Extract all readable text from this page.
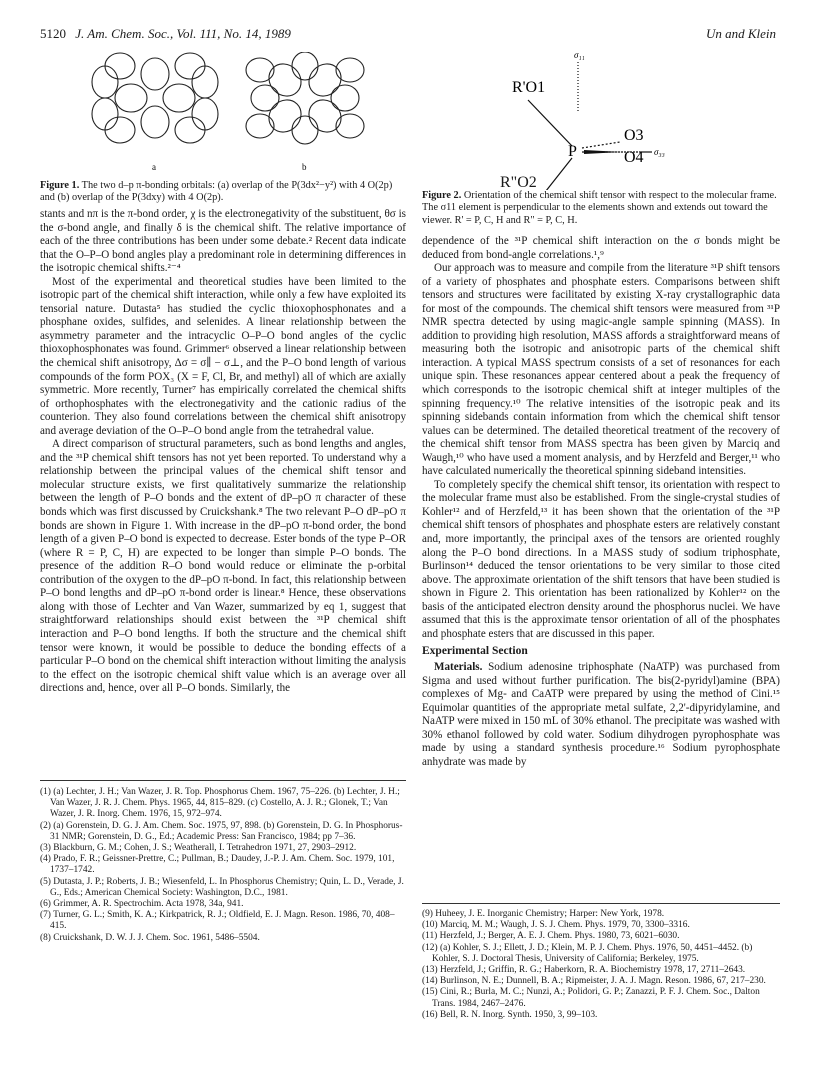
5120 J. Am. Chem. Soc., Vol. 111, No. 14, 1989	Un and Klein
a	b
Figure 1. The two d–p π-bonding orbitals: (a) overlap of the P(3dx²−y²) with 4 O(2p) and (b) overlap of the P(3dxy) with 4 O(2p).
σ₁₁
R'O1
P
O3
O4 σ₃₃
R"O2
Figure 2. Orientation of the chemical shift tensor with respect to the molecular frame. The σ11 element is perpendicular to the elements shown and extends out toward the viewer. R' = P, C, H and R" = P, C, H.

stants and nπ is the π-bond order, χ is the electronegativity of the substituent, θσ is the σ-bond angle, and finally δ is the chemical shift. The relative importance of each of the three contributions has been under some debate.² Recent data indicate that the O–P–O bond angles play a predominant role in determining differences in the isotropic chemical shifts.²⁻⁴

Most of the experimental and theoretical studies have been limited to the isotropic part of the chemical shift interaction, while only a few have exploited its tensorial nature. Dutasta⁵ has studied the cyclic thioxophosphonates and a phosphane oxides, sulfides, and selenides. A linear relationship between the asymmetry parameter and the intracyclic O–P–O bond angles of the cyclic thioxophosphonates was found. Grimmer⁶ observed a linear relationship between the chemical shift anisotropy, Δσ = σ∥ − σ⊥, and the P–O bond length of various compounds of the form POX₃ (X = F, Cl, Br, and methyl) all of which are axially symmetric. More recently, Turner⁷ has empirically correlated the chemical shifts of orthophosphates with the electronegativity and the cationic radius of the counterion. They also found correlations between the chemical shift anisotropy and average deviation of the O–P–O bond angle from the tetrahedral value.

A direct comparison of structural parameters, such as bond lengths and angles, and the ³¹P chemical shift tensors has not yet been reported. To understand why a relationship between the principal values of the chemical shift tensor and molecular structure exists, we first qualitatively summarize the relationship between the length of P–O bonds and the extent of dP–pO π character of these bonds which was first discussed by Cruickshank.⁸ The two relevant P–O dP–pO π bonds are shown in Figure 1. With increase in the dP–pO π-bond order, the bond length of a given P–O bond is expected to decrease. Ester bonds of the type P–OR (where R = P, C, H) are expected to be longer than simple P–O bonds. The presence of the addition R–O bond would reduce or eliminate the p-orbital contribution of the oxygen to the dP–pO π-bond. In fact, this relationship between P–O bond lengths and dP–pO π-bond order is linear.⁸ Hence, these observations along with those of Lechter and Van Wazer, summarized by eq 1, suggest that straightforward relationships should exist between the ³¹P chemical shift interaction and P–O bond lengths. If both the structure and the chemical shift tensor were known, it would be possible to deduce the bonding effects of a particular P–O bond on the chemical shift interaction without limiting the analysis to the effect on the isotropic chemical shift value which is an average over all directions and, hence, over all P–O bonds. Similarly, the

(1) (a) Lechter, J. H.; Van Wazer, J. R. Top. Phosphorus Chem. 1967, 75–226. (b) Lechter, J. H.; Van Wazer, J. R. J. Chem. Phys. 1965, 44, 815–829. (c) Costello, A. J. R.; Glonek, T.; Van Wazer, J. R. Inorg. Chem. 1976, 15, 972–974.
(2) (a) Gorenstein, D. G. J. Am. Chem. Soc. 1975, 97, 898. (b) Gorenstein, D. G. In Phosphorus-31 NMR; Gorenstein, D. G., Ed.; Academic Press: San Francisco, 1984; pp 7–36.
(3) Blackburn, G. M.; Cohen, J. S.; Weatherall, I. Tetrahedron 1971, 27, 2903–2912.
(4) Prado, F. R.; Geissner-Prettre, C.; Pullman, B.; Daudey, J.-P. J. Am. Chem. Soc. 1979, 101, 1737–1742.
(5) Dutasta, J. P.; Roberts, J. B.; Wiesenfeld, L. In Phosphorus Chemistry; Quin, L. D., Verade, J. G., Eds.; American Chemical Society: Washington, D.C., 1981.
(6) Grimmer, A. R. Spectrochim. Acta 1978, 34a, 941.
(7) Turner, G. L.; Smith, K. A.; Kirkpatrick, R. J.; Oldfield, E. J. Magn. Reson. 1986, 70, 408–415.
(8) Cruickshank, D. W. J. J. Chem. Soc. 1961, 5486–5504.

dependence of the ³¹P chemical shift interaction on the σ bonds might be deduced from bond-angle correlations.¹,⁹

Our approach was to measure and compile from the literature ³¹P shift tensors of a variety of phosphates and phosphate esters. Comparisons between shift tensors and structures were facilitated by existing X-ray crystallographic data for most of the compounds. The chemical shift tensors were measured from ³¹P NMR spectra detected by using magic-angle sample spinning (MASS). In addition to providing high resolution, MASS affords a straightforward means of measuring both the isotropic and anisotropic parts of the chemical shift interaction. A typical MASS spectrum consists of a set of resonances for each unique spin. These resonances appear centered about a peak the frequency of which corresponds to the isotropic chemical shift at integer multiples of the spinning frequency.¹⁰ The relative intensities of the isotropic peak and its spinning sidebands contain information from which the chemical shift tensor values can be determined. The detailed theoretical treatment of the recovery of the chemical shift tensor from MASS spectra has been given by Marciq and Waugh,¹⁰ who have used a moment analysis, and by Herzfeld and Berger,¹¹ who have calculated numerically the theoretical spinning sideband intensities.

To completely specify the chemical shift tensor, its orientation with respect to the molecular frame must also be established. From the single-crystal studies of Kohler¹² and of Herzfeld,¹³ it has been shown that the orientation of the ³¹P chemical shift tensors of phosphates and phosphate esters are relatively constant and, more importantly, the principal axes of the tensors are oriented roughly along the P–O bond directions. In a MASS study of sodium triphosphate, Burlinson¹⁴ deduced the tensor orientations to be very similar to those cited above. The approximate orientation of the shift tensors that have been studied is shown in Figure 2. This orientation has been rationalized by Kohler¹² on the basis of the anticipated electron density around the phosphorus nuclei. We have assumed that this is the approximate tensor orientation of all of the phosphates and phosphate esters that are discussed in this paper.

Experimental Section

Materials. Sodium adenosine triphosphate (NaATP) was purchased from Sigma and used without further purification. The bis(2-pyridyl)amine (BPA) complexes of Mg- and CaATP were prepared by using the method of Cini.¹⁵ Equimolar quantities of the appropriate metal sulfate, 2,2'-dipyridylamine, and NaATP were mixed in 150 mL of 30% ethanol. The precipitate was washed with 30% ethanol followed by cold water. Sodium dihydrogen pyrophosphate was made by using a standard synthesis procedure.¹⁶ Sodium pyrophosphate anhydrate was made by

(9) Huheey, J. E. Inorganic Chemistry; Harper: New York, 1978.
(10) Marciq, M. M.; Waugh, J. S. J. Chem. Phys. 1979, 70, 3300–3316.
(11) Herzfeld, J.; Berger, A. E. J. Chem. Phys. 1980, 73, 6021–6030.
(12) (a) Kohler, S. J.; Ellett, J. D.; Klein, M. P. J. Chem. Phys. 1976, 50, 4451–4452. (b) Kohler, S. J. Doctoral Thesis, University of California; Berkeley, 1975.
(13) Herzfeld, J.; Griffin, R. G.; Haberkorn, R. A. Biochemistry 1978, 17, 2711–2643.
(14) Burlinson, N. E.; Dunnell, B. A.; Ripmeister, J. A. J. Magn. Reson. 1986, 67, 217–230.
(15) Cini, R.; Burla, M. C.; Nunzi, A.; Polidori, G. P.; Zanazzi, P. F. J. Chem. Soc., Dalton Trans. 1984, 2467–2476.
(16) Bell, R. N. Inorg. Synth. 1950, 3, 99–103.
